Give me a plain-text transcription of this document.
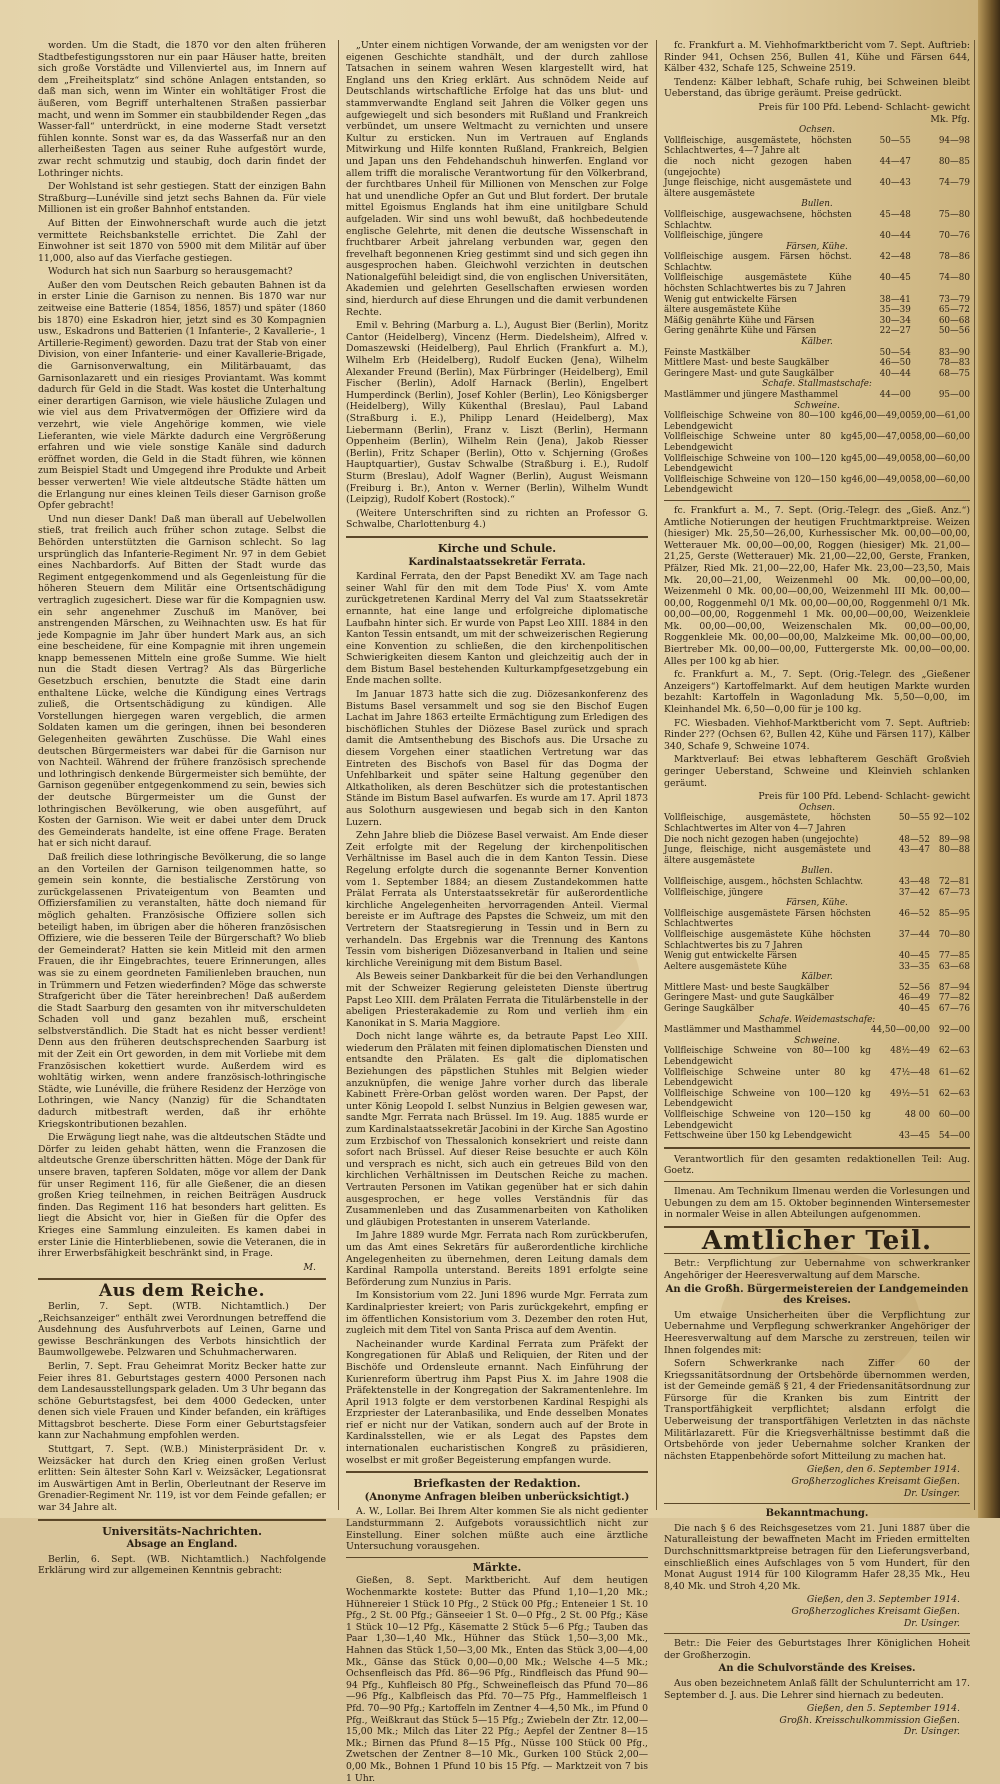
worden. Um die Stadt, die 1870 vor den alten früheren Stadtbefestigungsstoren nur ein paar Häuser hatte, breiten sich große Vorstädte und Villenviertel aus, im Innern auf dem „Freiheitsplatz“ sind schöne Anlagen entstanden, so daß man sich, wenn im Winter ein wohltätiger Frost die äußeren, vom Begriff unterhaltenen Straßen passierbar macht, und wenn im Sommer ein staubbildender Regen „das Wasser-fall“ unterdrückt, in eine moderne Stadt versetzt fühlen konnte. Sonst war es, da das Wasserfaß nur an den allerheißesten Tagen aus seiner Ruhe aufgestört wurde, zwar recht schmutzig und staubig, doch darin findet der Lothringer nichts.

Der Wohlstand ist sehr gestiegen. Statt der einzigen Bahn Straßburg—Lunéville sind jetzt sechs Bahnen da. Für viele Millionen ist ein großer Bahnhof entstanden.

Auf Bitten der Einwohnerschaft wurde auch die jetzt vermittete Reichsbankstelle errichtet. Die Zahl der Einwohner ist seit 1870 von 5900 mit dem Militär auf über 11,000, also auf das Vierfache gestiegen.

Wodurch hat sich nun Saarburg so herausgemacht?

Außer den vom Deutschen Reich gebauten Bahnen ist da in erster Linie die Garnison zu nennen. Bis 1870 war nur zeitweise eine Batterie (1854, 1856, 1857) und später (1860 bis 1870) eine Eskadron hier, jetzt sind es 30 Kompagnien usw., Eskadrons und Batterien (1 Infanterie-, 2 Kavallerie-, 1 Artillerie-Regiment) geworden. Dazu trat der Stab von einer Division, von einer Infanterie- und einer Kavallerie-Brigade, die Garnisonverwaltung, ein Militärbauamt, das Garnisonlazarett und ein riesiges Proviantamt. Was kommt dadurch für Geld in die Stadt. Was kostet die Unterhaltung einer derartigen Garnison, wie viele häusliche Zulagen und wie viel aus dem Privatvermögen der Offiziere wird da verzehrt, wie viele Angehörige kommen, wie viele Lieferanten, wie viele Märkte dadurch eine Vergrößerung erfahren und wie viele sonstige Kanäle sind dadurch eröffnet worden, die Geld in die Stadt führen, wie können zum Beispiel Stadt und Umgegend ihre Produkte und Arbeit besser verwerten! Wie viele altdeutsche Städte hätten um die Erlangung nur eines kleinen Teils dieser Garnison große Opfer gebracht!

Und nun dieser Dank! Daß man überall auf Uebelwollen stieß, trat freilich auch früher schon zutage. Selbst die Behörden unterstützten die Garnison schlecht. So lag ursprünglich das Infanterie-Regiment Nr. 97 in dem Gebiet eines Nachbardorfs. Auf Bitten der Stadt wurde das Regiment entgegenkommend und als Gegenleistung für die höheren Steuern dem Militär eine Ortsentschädigung vertraglich zugesichert. Diese war für die Kompagnien usw. ein sehr angenehmer Zuschuß im Manöver, bei anstrengenden Märschen, zu Weihnachten usw. Es hat für jede Kompagnie im Jahr über hundert Mark aus, an sich eine bescheidene, für eine Kompagnie mit ihren ungemein knapp bemessenen Mitteln eine große Summe. Wie hielt nun die Stadt diesen Vertrag? Als das Bürgerliche Gesetzbuch erschien, benutzte die Stadt eine darin enthaltene Lücke, welche die Kündigung eines Vertrags zuließ, die Ortsentschädigung zu kündigen. Alle Vorstellungen hiergegen waren vergeblich, die armen Soldaten kamen um die geringen, ihnen bei besonderen Gelegenheiten gewährten Zuschüsse. Die Wahl eines deutschen Bürgermeisters war dabei für die Garnison nur von Nachteil. Während der frühere französisch sprechende und lothringisch denkende Bürgermeister sich bemühte, der Garnison gegenüber entgegenkommend zu sein, bewies sich der deutsche Bürgermeister um die Gunst der lothringischen Bevölkerung, wie oben ausgeführt, auf Kosten der Garnison. Wie weit er dabei unter dem Druck des Gemeinderats handelte, ist eine offene Frage. Beraten hat er sich nicht darauf.

Daß freilich diese lothringische Bevölkerung, die so lange an den Vorteilen der Garnison teilgenommen hatte, so gemein sein konnte, die bestialische Zerstörung von zurückgelassenen Privateigentum von Beamten und Offiziersfamilien zu veranstalten, hätte doch niemand für möglich gehalten. Französische Offiziere sollen sich beteiligt haben, im übrigen aber die höheren französischen Offiziere, wie die besseren Teile der Bürgerschaft? Wo blieb der Gemeinderat? Hatten sie kein Mitleid mit den armen Frauen, die ihr Eingebrachtes, teuere Erinnerungen, alles was sie zu einem geordneten Familienleben brauchen, nun in Trümmern und Fetzen wiederfinden? Möge das schwerste Strafgericht über die Täter hereinbrechen! Daß außerdem die Stadt Saarburg den gesamten von ihr mitverschuldeten Schaden voll und ganz bezahlen muß, erscheint selbstverständlich. Die Stadt hat es nicht besser verdient! Denn aus den früheren deutschsprechenden Saarburg ist mit der Zeit ein Ort geworden, in dem mit Vorliebe mit dem Französischen kokettiert wurde. Außerdem wird es wohltätig wirken, wenn andere französisch-lothringische Städte, wie Lunéville, die frühere Residenz der Herzöge von Lothringen, wie Nancy (Nanzig) für die Schandtaten dadurch mitbestraft werden, daß ihr erhöhte Kriegskontributionen bezahlen.

Die Erwägung liegt nahe, was die altdeutschen Städte und Dörfer zu leiden gehabt hätten, wenn die Franzosen die altdeutsche Grenze überschritten hätten. Möge der Dank für unsere braven, tapferen Soldaten, möge vor allem der Dank für unser Regiment 116, für alle Gießener, die an diesen großen Krieg teilnehmen, in reichen Beiträgen Ausdruck finden. Das Regiment 116 hat besonders hart gelitten. Es liegt die Absicht vor, hier in Gießen für die Opfer des Krieges eine Sammlung einzuleiten. Es kamen dabei in erster Linie die Hinterbliebenen, sowie die Veteranen, die in ihrer Erwerbsfähigkeit beschränkt sind, in Frage.

M.
Aus dem Reiche.

Berlin, 7. Sept. (WTB. Nichtamtlich.) Der „Reichsanzeiger“ enthält zwei Verordnungen betreffend die Ausdehnung des Ausfuhrverbots auf Leinen, Garne und gewisse Beschränkungen des Verbots hinsichtlich der Baumwollgewebe. Pelzwaren und Schuhmacherwaren.

Berlin, 7. Sept. Frau Geheimrat Moritz Becker hatte zur Feier ihres 81. Geburtstages gestern 4000 Personen nach dem Landesausstellungspark geladen. Um 3 Uhr begann das schöne Geburtstagsfest, bei dem 4000 Gedecken, unter denen sich viele Frauen und Kinder befanden, ein kräftiges Mittagsbrot bescherte. Diese Form einer Geburtstagsfeier kann zur Nachahmung empfohlen werden.

Stuttgart, 7. Sept. (W.B.) Ministerpräsident Dr. v. Weizsäcker hat durch den Krieg einen großen Verlust erlitten: Sein ältester Sohn Karl v. Weizsäcker, Legationsrat im Auswärtigen Amt in Berlin, Oberleutnant der Reserve im Grenadier-Regiment Nr. 119, ist vor dem Feinde gefallen; er war 34 Jahre alt.

Universitäts-Nachrichten.
Absage an England.

Berlin, 6. Sept. (WB. Nichtamtlich.) Nachfolgende Erklärung wird zur allgemeinen Kenntnis gebracht:

„Unter einem nichtigen Vorwande, der am wenigsten vor der eigenen Geschichte standhält, und der durch zahllose Tatsachen in seinem wahren Wesen klargestellt wird, hat England uns den Krieg erklärt. Aus schnödem Neide auf Deutschlands wirtschaftliche Erfolge hat das uns blut- und stammverwandte England seit Jahren die Völker gegen uns aufgewiegelt und sich besonders mit Rußland und Frankreich verbündet, um unsere Weltmacht zu vernichten und unsere Kultur zu ersticken. Nun im Vertrauen auf Englands Mitwirkung und Hilfe konnten Rußland, Frankreich, Belgien und Japan uns den Fehdehandschuh hinwerfen. England vor allem trifft die moralische Verantwortung für den Völkerbrand, der furchtbares Unheil für Millionen von Menschen zur Folge hat und unendliche Opfer an Gut und Blut fordert. Der brutale mittel Egoismus Englands hat ihm eine unitilgbare Schuld aufgeladen. Wir sind uns wohl bewußt, daß hochbedeutende englische Gelehrte, mit denen die deutsche Wissenschaft in fruchtbarer Arbeit jahrelang verbunden war, gegen den frevelhaft begonnenen Krieg gestimmt sind und sich gegen ihn ausgesprochen haben. Gleichwohl verzichten in deutschen Nationalgefühl beleidigt sind, die von englischen Universitäten, Akademien und gelehrten Gesellschaften erwiesen worden sind, hierdurch auf diese Ehrungen und die damit verbundenen Rechte.

Emil v. Behring (Marburg a. L.), August Bier (Berlin), Moritz Cantor (Heidelberg), Vincenz (Herm. Diedelsheim), Alfred v. Domaszewski (Heidelberg), Paul Ehrlich (Frankfurt a. M.), Wilhelm Erb (Heidelberg), Rudolf Eucken (Jena), Wilhelm Alexander Freund (Berlin), Max Fürbringer (Heidelberg), Emil Fischer (Berlin), Adolf Harnack (Berlin), Engelbert Humperdinck (Berlin), Josef Kohler (Berlin), Leo Königsberger (Heidelberg), Willy Kükenthal (Breslau), Paul Laband (Straßburg i. E.), Philipp Lenard (Heidelberg), Max Liebermann (Berlin), Franz v. Liszt (Berlin), Hermann Oppenheim (Berlin), Wilhelm Rein (Jena), Jakob Riesser (Berlin), Fritz Schaper (Berlin), Otto v. Schjerning (Großes Hauptquartier), Gustav Schwalbe (Straßburg i. E.), Rudolf Sturm (Breslau), Adolf Wagner (Berlin), August Weismann (Freiburg i. Br.), Anton v. Werner (Berlin), Wilhelm Wundt (Leipzig), Rudolf Kobert (Rostock).“

(Weitere Unterschriften sind zu richten an Professor G. Schwalbe, Charlottenburg 4.)

Kirche und Schule.
Kardinalstaatssekretär Ferrata.

Kardinal Ferrata, den der Papst Benedikt XV. am Tage nach seiner Wahl für den mit dem Tode Pius' X. vom Amte zurückgetretenen Kardinal Merry del Val zum Staatssekretär ernannte, hat eine lange und erfolgreiche diplomatische Laufbahn hinter sich. Er wurde von Papst Leo XIII. 1884 in den Kanton Tessin entsandt, um mit der schweizerischen Regierung eine Konvention zu schließen, die den kirchenpolitischen Schwierigkeiten diesem Kanton und gleichzeitig auch der in dem Bistum Basel bestehenden Kulturkampfgesetzgebung ein Ende machen sollte.

Im Januar 1873 hatte sich die zug. Diözesankonferenz des Bistums Basel versammelt und sog sie den Bischof Eugen Lachat im Jahre 1863 erteilte Ermächtigung zum Erledigen des bischöflichen Stuhles der Diözese Basel zurück und sprach damit die Amtsenthebung des Bischofs aus. Die Ursache zu diesem Vorgehen einer staatlichen Vertretung war das Eintreten des Bischofs von Basel für das Dogma der Unfehlbarkeit und später seine Haltung gegenüber den Altkatholiken, als deren Beschützer sich die protestantischen Stände im Bistum Basel aufwarfen. Es wurde am 17. April 1873 aus Solothurn ausgewiesen und begab sich in den Kanton Luzern.

Zehn Jahre blieb die Diözese Basel verwaist. Am Ende dieser Zeit erfolgte mit der Regelung der kirchenpolitischen Verhältnisse im Basel auch die in dem Kanton Tessin. Diese Regelung erfolgte durch die sogenannte Berner Konvention vom 1. September 1884; an diesem Zustandekommen hatte Prälat Ferrata als Unterstaatssekretär für außerordentliche kirchliche Angelegenheiten hervorragenden Anteil. Viermal bereiste er im Auftrage des Papstes die Schweiz, um mit den Vertretern der Staatsregierung in Tessin und in Bern zu verhandeln. Das Ergebnis war die Trennung des Kantons Tessin vom bisherigen Diözesanverband in Italien und seine kirchliche Vereinigung mit dem Bistum Basel.

Als Beweis seiner Dankbarkeit für die bei den Verhandlungen mit der Schweizer Regierung geleisteten Dienste übertrug Papst Leo XIII. dem Prälaten Ferrata die Titulärbenstelle in der abeligen Priesterakademie zu Rom und verlieh ihm ein Kanonikat in S. Maria Maggiore.

Doch nicht lange währte es, da betraute Papst Leo XIII. wiederum den Prälaten mit feinen diplomatischen Diensten und entsandte den Prälaten. Es galt die diplomatischen Beziehungen des päpstlichen Stuhles mit Belgien wieder anzuknüpfen, die wenige Jahre vorher durch das liberale Kabinett Frère-Orban gelöst worden waren. Der Papst, der unter König Leopold I. selbst Nunzius in Belgien gewesen war, sandte Mgr. Ferrata nach Brüssel. Im 19. Aug. 1885 wurde er zum Kardinalstaatssekretär Jacobini in der Kirche San Agostino zum Erzbischof von Thessalonich konsekriert und reiste dann sofort nach Brüssel. Auf dieser Reise besuchte er auch Köln und versprach es nicht, sich auch ein getreues Bild von den kirchlichen Verhältnissen im Deutschen Reiche zu machen. Vertrauten Personen im Vatikan gegenüber hat er sich dahin ausgesprochen, er hege volles Verständnis für das Zusammenleben und das Zusammenarbeiten von Katholiken und gläubigen Protestanten in unserem Vaterlande.

Im Jahre 1889 wurde Mgr. Ferrata nach Rom zurückberufen, um das Amt eines Sekretärs für außerordentliche kirchliche Angelegenheiten zu übernehmen, deren Leitung damals dem Kardinal Rampolla unterstand. Bereits 1891 erfolgte seine Beförderung zum Nunzius in Paris.

Im Konsistorium vom 22. Juni 1896 wurde Mgr. Ferrata zum Kardinalpriester kreiert; von Paris zurückgekehrt, empfing er im öffentlichen Konsistorium vom 3. Dezember den roten Hut, zugleich mit dem Titel von Santa Prisca auf dem Aventin.

Nacheinander wurde Kardinal Ferrata zum Präfekt der Kongregationen für Ablaß und Reliquien, der Riten und der Bischöfe und Ordensleute ernannt. Nach Einführung der Kurienreform übertrug ihm Papst Pius X. im Jahre 1908 die Präfektenstelle in der Kongregation der Sakramentenlehre. Im April 1913 folgte er dem verstorbenen Kardinal Respighi als Erzpriester der Lateranbasilika, und Ende desselben Monates rief er nicht nur der Vatikan, sondern auch auf der Brote in Kardinalsstellen, wie er als Legat des Papstes dem internationalen eucharistischen Kongreß zu präsidieren, woselbst er mit großer Begeisterung empfangen wurde.

Briefkasten der Redaktion.
(Anonyme Anfragen bleiben unberücksichtigt.)

A. W., Lollar. Bei Ihrem Alter kommen Sie als nicht gedienter Landsturmmann 2. Aufgebots voraussichtlich nicht zur Einstellung. Einer solchen müßte auch eine ärztliche Untersuchung vorausgehen.

Märkte.

Gießen, 8. Sept. Marktbericht. Auf dem heutigen Wochenmarkte kostete: Butter das Pfund 1,10—1,20 Mk.; Hühnereier 1 Stück 10 Pfg., 2 Stück 00 Pfg.; Enteneier 1 St. 10 Pfg., 2 St. 00 Pfg.; Gänseeier 1 St. 0—0 Pfg., 2 St. 00 Pfg.; Käse 1 Stück 10—12 Pfg., Käsematte 2 Stück 5—6 Pfg.; Tauben das Paar 1,30—1,40 Mk., Hühner das Stück 1,50—3,00 Mk., Hahnen das Stück 1,50—3,00 Mk., Enten das Stück 3,00—4,00 Mk., Gänse das Stück 0,00—0,00 Mk.; Welsche 4—5 Mk.; Ochsenfleisch das Pfd. 86—96 Pfg., Rindfleisch das Pfund 90—94 Pfg., Kuhfleisch 80 Pfg., Schweinefleisch das Pfund 70—86—96 Pfg., Kalbfleisch das Pfd. 70—75 Pfg., Hammelfleisch 1 Pfd. 70—90 Pfg.; Kartoffeln im Zentner 4—4,50 Mk., im Pfund 0 Pfg., Weißkraut das Stück 5—15 Pfg.; Zwiebeln der Ztr. 12,00—15,00 Mk.; Milch das Liter 22 Pfg.; Aepfel der Zentner 8—15 Mk.; Birnen das Pfund 8—15 Pfg., Nüsse 100 Stück 00 Pfg., Zwetschen der Zentner 8—10 Mk., Gurken 100 Stück 2,00—0,00 Mk., Bohnen 1 Pfund 10 bis 15 Pfg. — Marktzeit von 7 bis 1 Uhr.

fc. Frankfurt a. M. Viehhofmarktbericht vom 7. Sept. Auftrieb: Rinder 941, Ochsen 256, Bullen 41, Kühe und Färsen 644, Kälber 432, Schafe 125, Schweine 2519.

Tendenz: Kälber lebhaft, Schafe ruhig, bei Schweinen bleibt Ueberstand, das übrige geräumt. Preise gedrückt.

Preis für 100 Pfd. Lebend- Schlacht- gewicht
Mk. Pfg.
Ochsen.		
Vollfleischige, ausgemästete, höchsten Schlachtwertes, 4—7 Jahre alt	50—55	94—98
die noch nicht gezogen haben (ungejochte)	44—47	80—85
Junge fleischige, nicht ausgemästete und ältere ausgemästete	40—43	74—79
Bullen.		
Vollfleischige, ausgewachsene, höchsten Schlachtw.	45—48	75—80
Vollfleischige, jüngere	40—44	70—76
Färsen, Kühe.		
Vollfleischige ausgem. Färsen höchst. Schlachtw.	42—48	78—86
Vollfleischige ausgemästete Kühe höchsten Schlachtwertes bis zu 7 Jahren	40—45	74—80
Wenig gut entwickelte Färsen	38—41	73—79
ältere ausgemästete Kühe	35—39	65—72
Mäßig genährte Kühe und Färsen	30—34	60—68
Gering genährte Kühe und Färsen	22—27	50—56
Kälber.		
Feinste Mastkälber	50—54	83—90
Mittlere Mast- und beste Saugkälber	46—50	78—83
Geringere Mast- und gute Saugkälber	40—44	68—75
Schafe. Stallmastschafe:		
Mastlämmer und jüngere Masthammel	44—00	95—00
Schweine.		
Vollfleischige Schweine von 80—100 kg Lebendgewicht	46,00—49,00	59,00—61,00
Vollfleischige Schweine unter 80 kg Lebendgewicht	45,00—47,00	58,00—60,00
Vollfleischige Schweine von 100—120 kg Lebendgewicht	45,00—49,00	58,00—60,00
Vollfleischige Schweine von 120—150 kg Lebendgewicht	46,00—49,00	58,00—60,00

fc. Frankfurt a. M., 7. Sept. (Orig.-Telegr. des „Gieß. Anz.“) Amtliche Notierungen der heutigen Fruchtmarktpreise. Weizen (hiesiger) Mk. 25,50—26,00, Kurhessischer Mk. 00,00—00,00, Wetterauer Mk. 00,00—00,00, Roggen (hiesiger) Mk. 21,00—21,25, Gerste (Wetterauer) Mk. 21,00—22,00, Gerste, Franken, Pfälzer, Ried Mk. 21,00—22,00, Hafer Mk. 23,00—23,50, Mais Mk. 20,00—21,00, Weizenmehl 00 Mk. 00,00—00,00, Weizenmehl 0 Mk. 00,00—00,00, Weizenmehl III Mk. 00,00—00,00, Roggenmehl 0/1 Mk. 00,00—00,00, Roggenmehl 0/1 Mk. 00,00—00,00, Roggenmehl 1 Mk. 00,00—00,00, Weizenkleie Mk. 00,00—00,00, Weizenschalen Mk. 00,00—00,00, Roggenkleie Mk. 00,00—00,00, Malzkeime Mk. 00,00—00,00, Biertreber Mk. 00,00—00,00, Futtergerste Mk. 00,00—00,00. Alles per 100 kg ab hier.

fc. Frankfurt a. M., 7. Sept. (Orig.-Telegr. des „Gießener Anzeigers“) Kartoffelmarkt. Auf dem heutigen Markte wurden bezahlt: Kartoffeln in Wagonladung Mk. 5,50—0,00, im Kleinhandel Mk. 6,50—0,00 für je 100 kg.

FC. Wiesbaden. Viehhof-Marktbericht vom 7. Sept. Auftrieb: Rinder 2?? (Ochsen 6?, Bullen 42, Kühe und Färsen 117), Kälber 340, Schafe 9, Schweine 1074.

Marktverlauf: Bei etwas lebhafterem Geschäft Großvieh geringer Ueberstand, Schweine und Kleinvieh schlanken geräumt.

Preis für 100 Pfd. Lebend- Schlacht- gewicht
Ochsen.		
Vollfleischige, ausgemästete, höchsten Schlachtwertes im Alter von 4—7 Jahren	50—55	92—102
Die noch nicht gezogen haben (ungejochte)	48—52	89—98
Junge, fleischige, nicht ausgemästete und ältere ausgemästete	43—47	80—88
Bullen.		
Vollfleischige, ausgem., höchsten Schlachtw.	43—48	72—81
Vollfleischige, jüngere	37—42	67—73
Färsen, Kühe.		
Vollfleischige ausgemästete Färsen höchsten Schlachtwertes	46—52	85—95
Vollfleischige ausgemästete Kühe höchsten Schlachtwertes bis zu 7 Jahren	37—44	70—80
Wenig gut entwickelte Färsen	40—45	77—85
Aeltere ausgemästete Kühe	33—35	63—68
Kälber.		
Mittlere Mast- und beste Saugkälber	52—56	87—94
Geringere Mast- und gute Saugkälber	46—49	77—82
Geringe Saugkälber	40—45	67—76
Schafe. Weidemastschafe:		
Mastlämmer und Masthammel	44,50—00,00	92—00
Schweine.		
Vollfleischige Schweine von 80—100 kg Lebendgewicht	48½—49	62—63
Vollfleischige Schweine unter 80 kg Lebendgewicht	47½—48	61—62
Vollfleischige Schweine von 100—120 kg Lebendgewicht	49½—51	62—63
Vollfleischige Schweine von 120—150 kg Lebendgewicht	48 00	60—00
Fettschweine über 150 kg Lebendgewicht	43—45	54—00

Verantwortlich für den gesamten redaktionellen Teil: Aug. Goetz.

Ilmenau. Am Technikum Ilmenau werden die Vorlesungen und Uebungen zu dem am 15. Oktober beginnenden Wintersemester in normaler Weise in allen Abteilungen aufgenommen.

Amtlicher Teil.

Betr.: Verpflichtung zur Uebernahme von schwerkranker Angehöriger der Heeresverwaltung auf dem Marsche.

An die Großh. Bürgermeistereien der Landgemeinden des Kreises.

Um etwaige Unsicherheiten über die Verpflichtung zur Uebernahme und Verpflegung schwerkranker Angehöriger der Heeresverwaltung auf dem Marsche zu zerstreuen, teilen wir Ihnen folgendes mit:

Sofern Schwerkranke nach Ziffer 60 der Kriegssanitätsordnung der Ortsbehörde übernommen werden, ist der Gemeinde gemäß § 21, 4 der Friedensanitätsordnung zur Fürsorge für die Kranken bis zum Eintritt der Transportfähigkeit verpflichtet; alsdann erfolgt die Ueberweisung der transportfähigen Verletzten in das nächste Militärlazarett. Für die Kriegsverhältnisse bestimmt daß die Ortsbehörde von jeder Uebernahme solcher Kranken der nächsten Etappenbehörde sofort Mitteilung zu machen hat.

Gießen, den 6. September 1914.
Großherzogliches Kreisamt Gießen.
Dr. Usinger.
Bekanntmachung.

Die nach § 6 des Reichsgesetzes vom 21. Juni 1887 über die Naturalleistung der bewaffneten Macht im Frieden ermittelten Durchschnittsmarktpreise betragen für den Lieferungsverband, einschließlich eines Aufschlages von 5 vom Hundert, für den Monat August 1914 für 100 Kilogramm Hafer 28,35 Mk., Heu 8,40 Mk. und Stroh 4,20 Mk.

Gießen, den 3. September 1914.
Großherzogliches Kreisamt Gießen.
Dr. Usinger.

Betr.: Die Feier des Geburtstages Ihrer Königlichen Hoheit der Großherzogin.

An die Schulvorstände des Kreises.

Aus oben bezeichnetem Anlaß fällt der Schulunterricht am 17. September d. J. aus. Die Lehrer sind hiernach zu bedeuten.

Gießen, den 5. September 1914.
Großh. Kreisschulkommission Gießen.
Dr. Usinger.
